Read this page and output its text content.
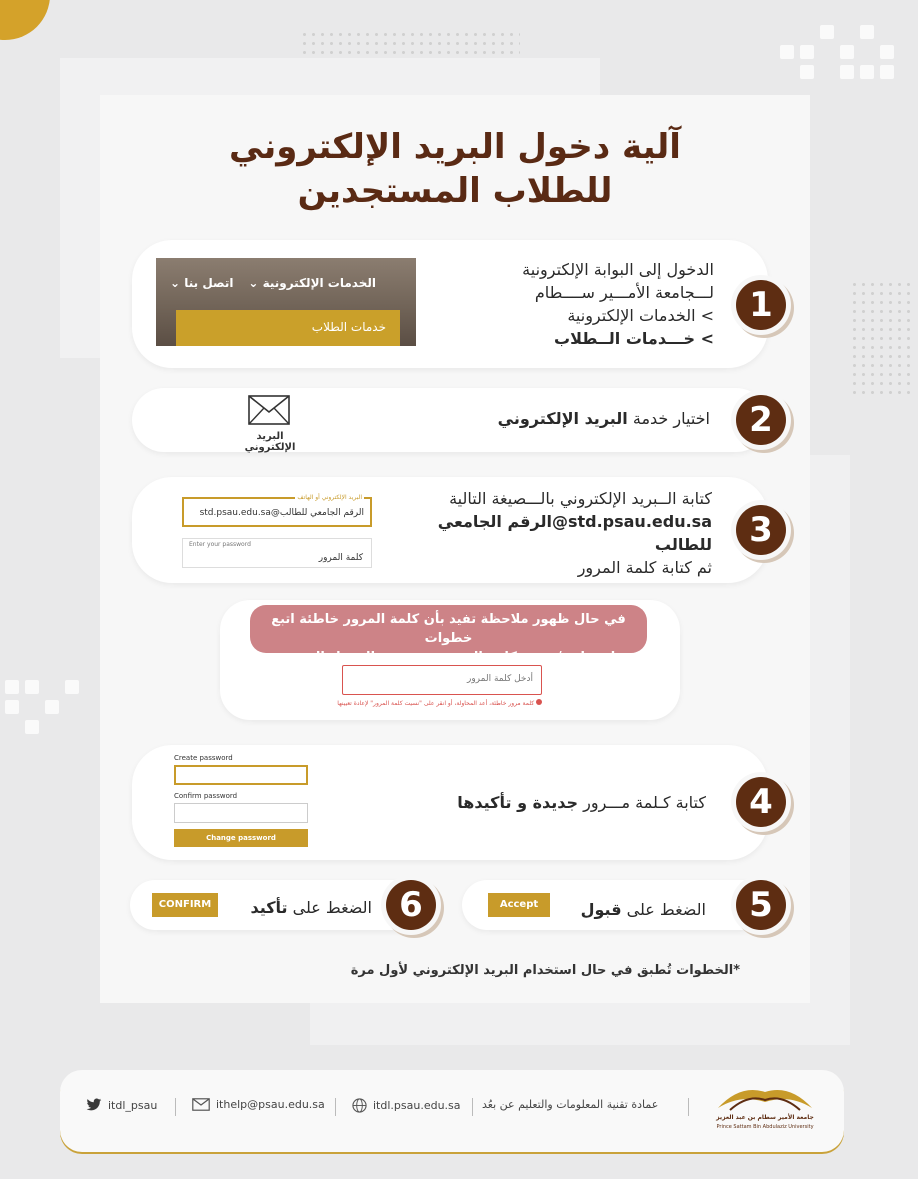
آلية دخول البريد الإلكتروني
للطلاب المستجدين
الخدمات الإلكترونية ⌄
اتصل بنا ⌄
خدمات الطلاب
الدخول إلى البوابة الإلكترونية
لـــجامعة الأمـــير ســــطام
> الخدمات الإلكترونية
> خـــدمات الــطلاب
1
البريد الإلكتروني
اختيار خدمة البريد الإلكتروني	2
البريد الإلكتروني أو الهاتف
الرقم الجامعي للطالب@std.psau.edu.sa
Enter your password
كلمة المرور
كتابة الــبريد الإلكتروني بالـــصيغة التالية
std.psau.edu.sa@الرقم الجامعي للطالب
ثم كتابة كلمة المرور
3
في حال ظهور ملاحظة تفيد بأن كلمة المرور خاطئة اتبع خطوات
استعادة / تغيير كلمة المرور من خدمة الدخول الموحد
أدخل كلمة المرور
كلمة مرور خاطئة، أعد المحاولة، أو انقر على "نسيت كلمة المرور" لإعادة تعيينها
Create password
Confirm password
Change password
كتابة كـلمة مـــرور جديدة و تأكيدها	4
Accept	الضغط على قبول	5
CONFIRM	الضغط على تأكيد	6
*الخطوات تُطبق في حال استخدام البريد الإلكتروني لأول مرة
itdl_psau	ithelp@psau.edu.sa	itdl.psau.edu.sa عمادة تقنية المعلومات والتعليم عن بعُد
جامعة الأمير سطام بن عبد العزيز
Prince Sattam Bin Abdulaziz University
